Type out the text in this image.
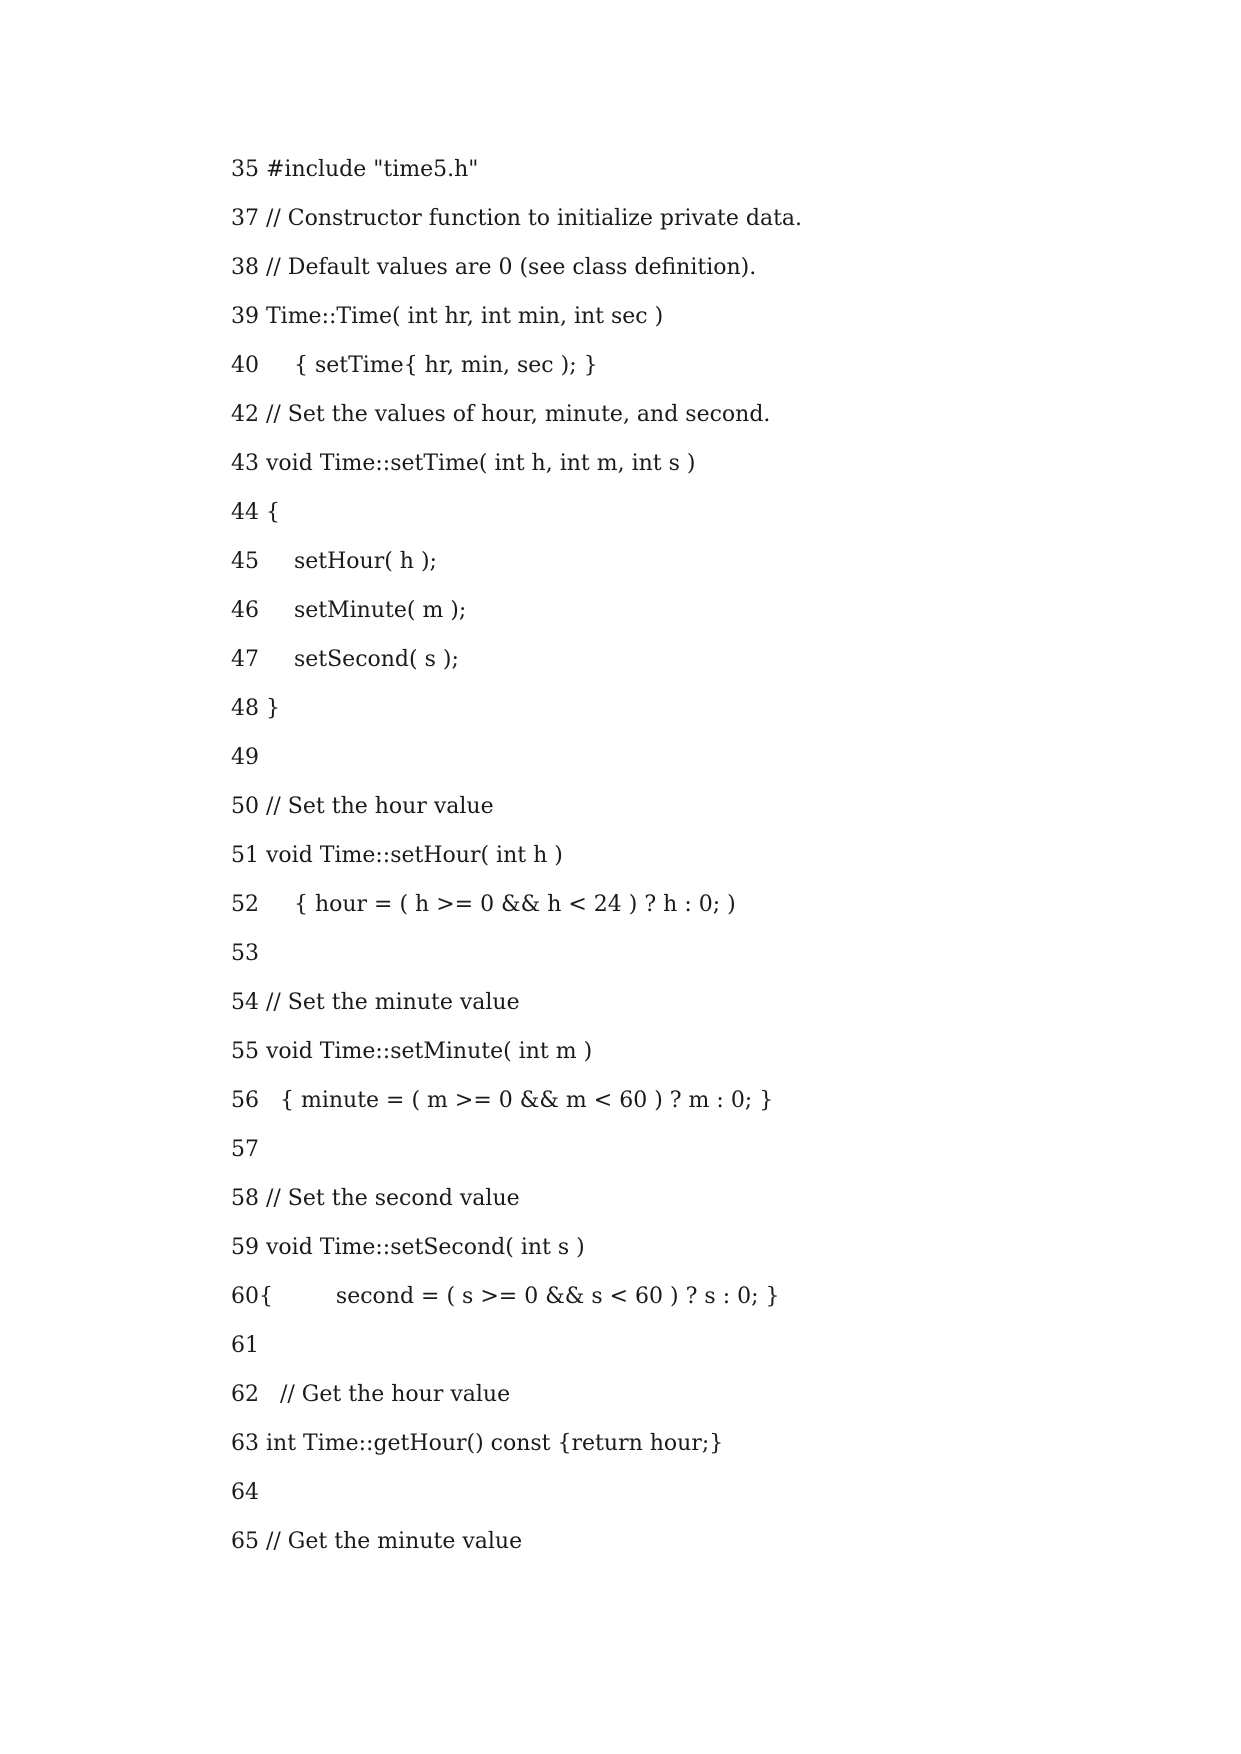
35 #include "time5.h"
37 // Constructor function to initialize private data.
38 // Default values are 0 (see class definition).
39 Time::Time( int hr, int min, int sec )
40     { setTime{ hr, min, sec ); }
42 // Set the values of hour, minute, and second.
43 void Time::setTime( int h, int m, int s )
44 {
45     setHour( h );
46     setMinute( m );
47     setSecond( s );
48 }
49
50 // Set the hour value
51 void Time::setHour( int h )
52     { hour = ( h >= 0 && h < 24 ) ? h : 0; )
53
54 // Set the minute value
55 void Time::setMinute( int m )
56   { minute = ( m >= 0 && m < 60 ) ? m : 0; }
57
58 // Set the second value
59 void Time::setSecond( int s )
60{         second = ( s >= 0 && s < 60 ) ? s : 0; }
61
62   // Get the hour value
63 int Time::getHour() const {return hour;}
64
65 // Get the minute value
